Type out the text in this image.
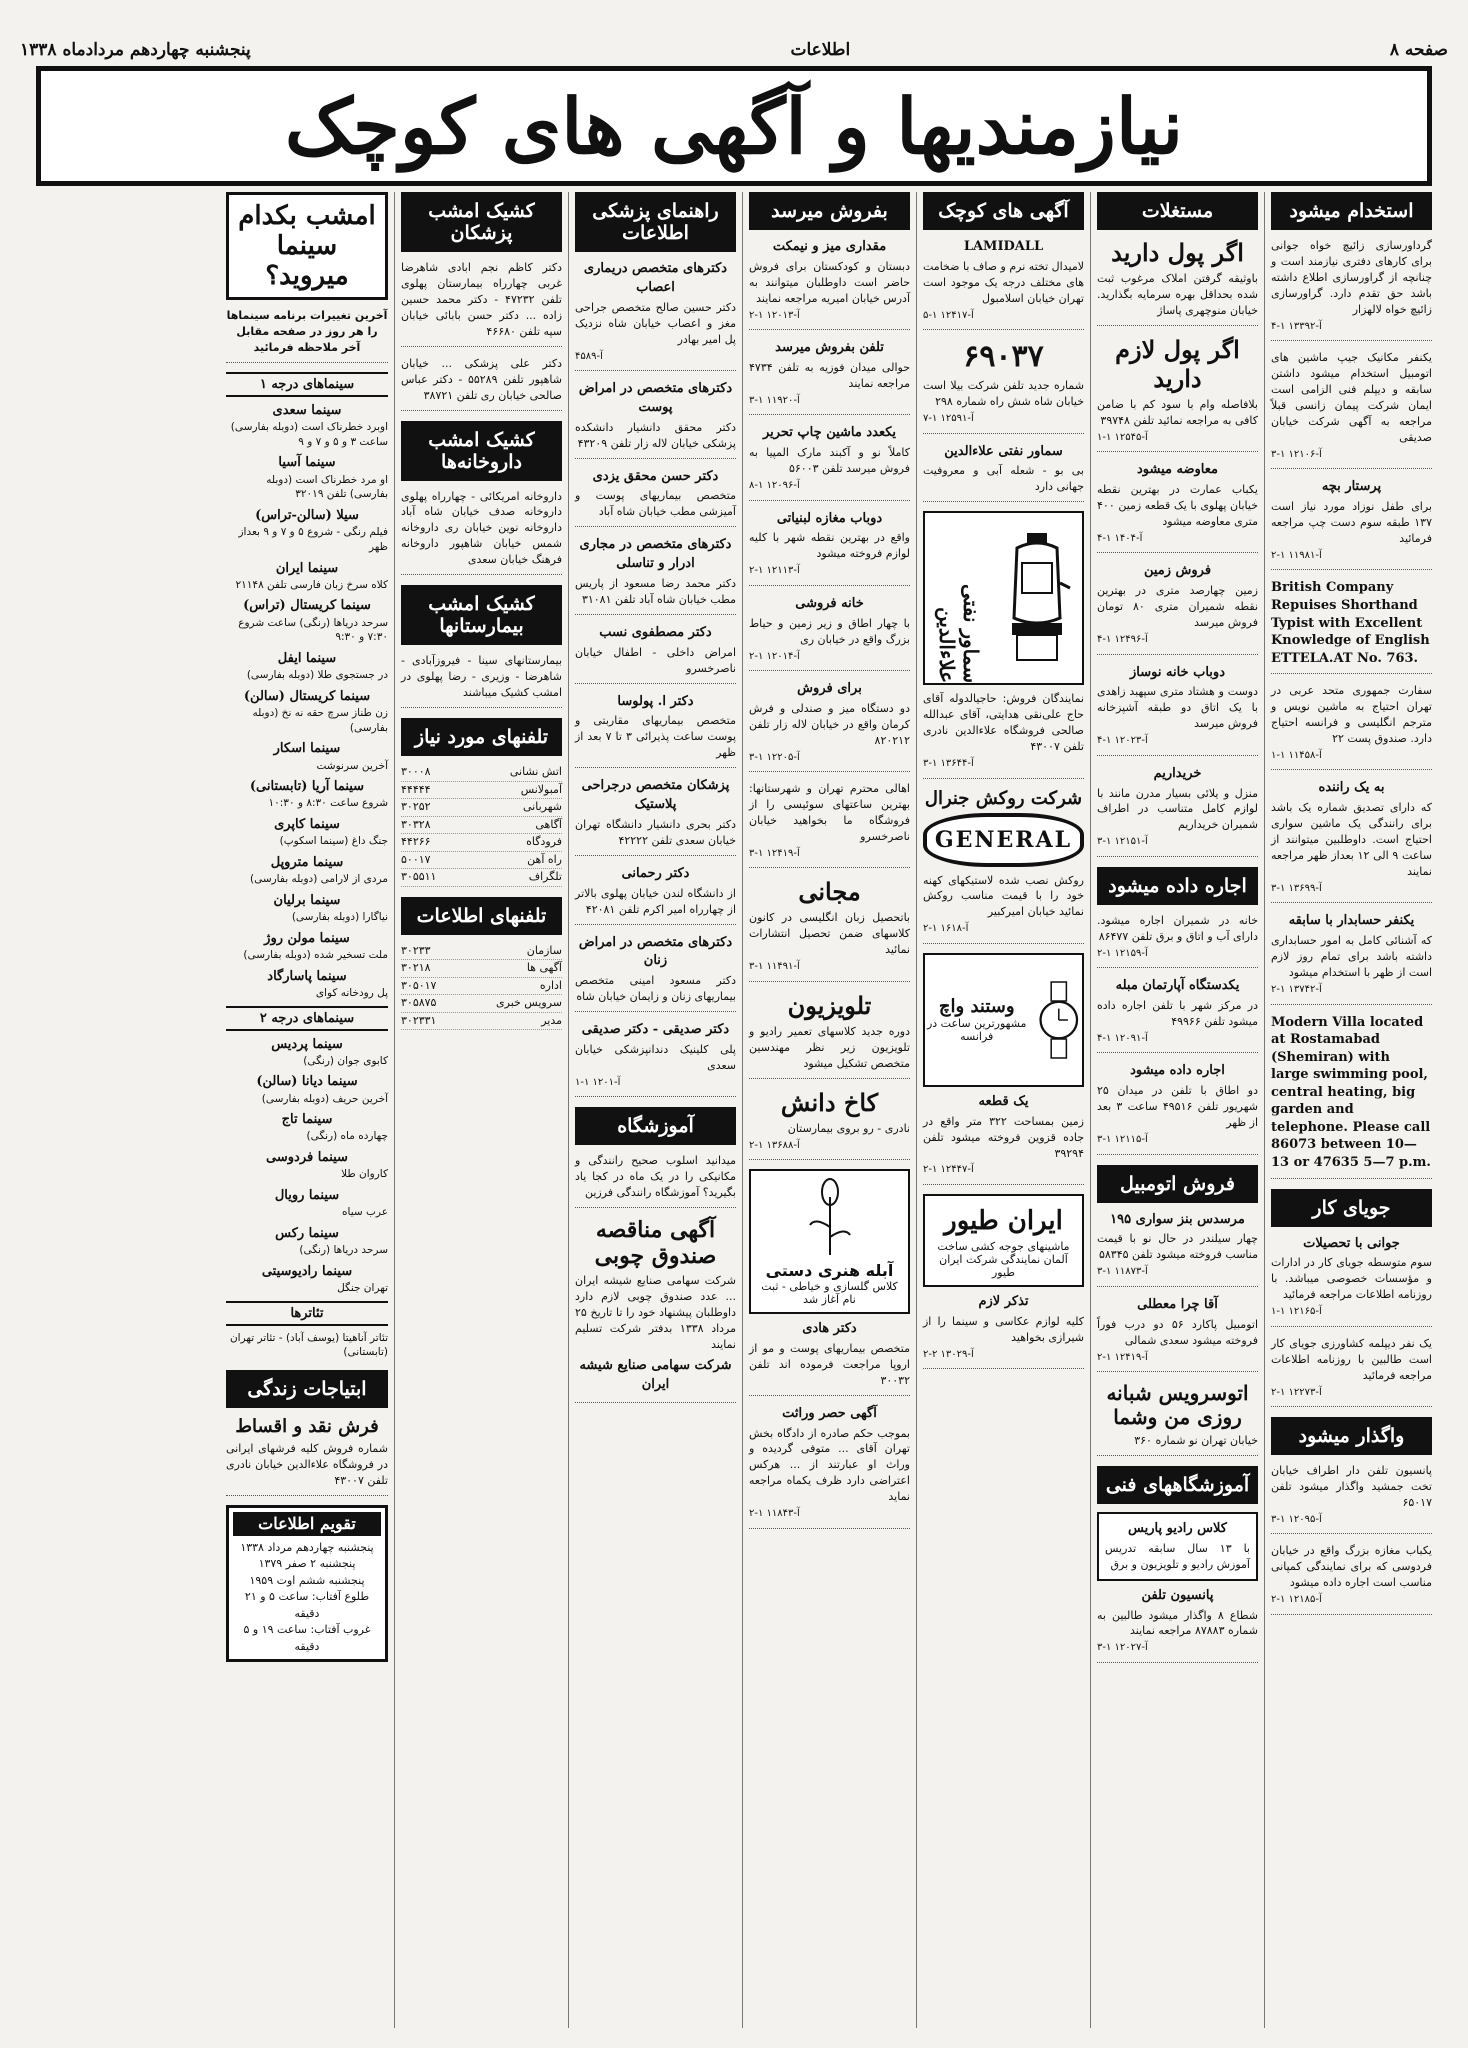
صفحه ۸
اطلاعات
پنجشنبه چهاردهم مردادماه ۱۳۳۸
نیازمندیها و آگهی های کوچک
استخدام میشود
گرداورسازی زائیچ خواه جوانی برای کارهای دفتری نیازمند است و چنانچه از گراورسازی اطلاع داشته باشد حق تقدم دارد. گراورسازی زائیچ خواه لالهزار
آ-۱۳۳۹۲ ۱-۴
یکنفر مکانیک جیپ ماشین های اتومبیل استخدام میشود داشتن سابقه و دیپلم فنی الزامی است ایمان شرکت پیمان زانسی قبلاً مراجعه به آگهی شرکت خیابان صدیقی
آ-۱۲۱۰۶ ۱-۳
پرستار بچه
برای طفل نوزاد مورد نیاز است ۱۳۷ طبقه سوم دست چپ مراجعه فرمائید
آ-۱۱۹۸۱ ۱-۲
British Company Repuises Shorthand Typist with Excellent Knowledge of English ETTELA.AT No. 763.
سفارت جمهوری متحد عربی در تهران احتیاج به ماشین نویس و مترجم انگلیسی و فرانسه احتیاج دارد. صندوق پست ۲۲
آ-۱۱۴۵۸ ۱-۱
به یک راننده
که دارای تصدیق شماره یک باشد برای رانندگی یک ماشین سواری احتیاج است. داوطلبین میتوانند از ساعت ۹ الی ۱۲ بعداز ظهر مراجعه نمایند
آ-۱۳۶۹۹ ۱-۳
یکنفر حسابدار با سابقه
که آشنائی کامل به امور حسابداری داشته باشد برای تمام روز لازم است از ظهر با استخدام میشود
آ-۱۳۷۴۲ ۱-۲
Modern Villa located at Rostamabad (Shemiran) with large swimming pool, central heating, big garden and telephone. Please call 86073 between 10—13 or 47635 5—7 p.m.
جویای کار
جوانی با تحصیلات
سوم متوسطه جویای کار در ادارات و مؤسسات خصوصی میباشد. با روزنامه اطلاعات مراجعه فرمائید
آ-۱۲۱۶۵ ۱-۱
یک نفر دیپلمه کشاورزی جویای کار است طالبین با روزنامه اطلاعات مراجعه فرمائید
آ-۱۲۲۷۳ ۱-۲
واگذار میشود
پانسیون تلفن دار اطراف خیابان تخت جمشید واگذار میشود تلفن ۶۵۰۱۷
آ-۱۲۰۹۵ ۱-۳
یکباب مغازه بزرگ واقع در خیابان فردوسی که برای نمایندگی کمپانی مناسب است اجاره داده میشود
آ-۱۲۱۸۵ ۱-۲
مستغلات
اگر پول دارید
باوثیقه گرفتن املاک مرغوب ثبت شده بحداقل بهره سرمایه بگذارید. خیابان منوچهری پاساژ
اگر پول لازم دارید
بلافاصله وام با سود کم با ضامن کافی به مراجعه نمائید تلفن ۳۹۷۴۸
آ-۱۲۵۴۵ ۱-۱
معاوضه میشود
یکباب عمارت در بهترین نقطه خیابان پهلوی با یک قطعه زمین ۴۰۰ متری معاوضه میشود
آ-۱۴۰۴ ۱-۴
فروش زمین
زمین چهارصد متری در بهترین نقطه شمیران متری ۸۰ تومان فروش میرسد
آ-۱۲۴۹۶ ۱-۴
دوباب خانه نوساز
دوست و هشتاد متری سپهبد زاهدی با یک اتاق دو طبقه آشپزخانه فروش میرسد
آ-۱۲۰۲۳ ۱-۴
خریداریم
منزل و یلائی بسیار مدرن مانند با لوازم کامل متناسب در اطراف شمیران خریداریم
آ-۱۲۱۵۱ ۱-۳
اجاره داده میشود
خانه در شمیران اجاره میشود. دارای آب و اتاق و برق تلفن ۸۶۴۷۷
آ-۱۲۱۵۹ ۱-۲
یکدستگاه آپارتمان مبله
در مرکز شهر با تلفن اجاره داده میشود تلفن ۴۹۹۶۶
آ-۱۲۰۹۱ ۱-۴
اجاره داده میشود
دو اطاق با تلفن در میدان ۲۵ شهریور تلفن ۴۹۵۱۶ ساعت ۳ بعد از ظهر
آ-۱۲۱۱۵ ۱-۳
فروش اتومبیل
مرسدس بنز سواری ۱۹۵
چهار سیلندر در حال نو با قیمت مناسب فروخته میشود تلفن ۵۸۳۴۵
آ-۱۱۸۷۳ ۱-۳
آقا چرا معطلی
اتومبیل پاکارد ۵۶ دو درب فوراً فروخته میشود سعدی شمالی
آ-۱۲۴۱۹ ۱-۲
اتوسرویس شبانه روزی من وشما
خیابان تهران نو شماره ۳۶۰
آموزشگاههای فنی
کلاس رادیو پاریس
با ۱۳ سال سابقه تدریس آموزش رادیو و تلویزیون و برق
پانسیون تلفن
شطاع ۸ واگذار میشود طالبین به شماره ۸۷۸۸۳ مراجعه نمایند
آ-۱۲۰۲۷ ۱-۳
آگهی های کوچک
LAMIDALL
لامیدال تخته نرم و صاف با ضخامت های مختلف درجه یک موجود است تهران خیابان اسلامبول
آ-۱۲۴۱۷ ۱-۵
۶۹۰۳۷
شماره جدید تلفن شرکت بیلا است خیابان شاه شش راه شماره ۲۹۸
آ-۱۲۵۹۱ ۱-۷
سماور نفتی علاءالدین
بی بو - شعله آبی و معروفیت جهانی دارد
سماور نفتی علاءالدین
نمایندگان فروش: حاجیالدوله آقای حاج علی‌نقی هدایتی، آقای عبدالله صالحی فروشگاه علاءالدین نادری تلفن ۴۳۰۰۷
آ-۱۳۶۴۴ ۱-۳
شرکت روکش جنرال
GENERAL
روکش نصب شده لاستیکهای کهنه خود را با قیمت مناسب روکش نمائید خیابان امیرکبیر
آ-۱۶۱۸ ۱-۲
وستند واچ
مشهورترین ساعت در فرانسه
یک قطعه
زمین بمساحت ۳۲۲ متر واقع در جاده قزوین فروخته میشود تلفن ۳۹۲۹۴
آ-۱۲۴۴۷ ۱-۲
ایران طیور
ماشینهای جوجه کشی ساخت آلمان نمایندگی شرکت ایران طیور
تذکر لازم
کلیه لوازم عکاسی و سینما را از شیرازی بخواهید
آ-۱۳۰۲۹ ۲-۲
بفروش میرسد
مقداری میز و نیمکت
دبستان و کودکستان برای فروش حاضر است داوطلبان میتوانند به آدرس خیابان امیریه مراجعه نمایند
آ-۱۲۰۱۳ ۱-۲
تلفن بفروش میرسد
حوالی میدان فوزیه به تلفن ۴۷۳۴ مراجعه نمایند
آ-۱۱۹۲۰ ۱-۳
یکعدد ماشین چاپ تحریر
کاملاً نو و آکبند مارک المپیا به فروش میرسد تلفن ۵۶۰۰۳
آ-۱۲۰۹۶ ۱-۸
دوباب مغازه لبنیاتی
واقع در بهترین نقطه شهر با کلیه لوازم فروخته میشود
آ-۱۲۱۱۳ ۱-۲
خانه فروشی
با چهار اطاق و زیر زمین و حیاط بزرگ واقع در خیابان ری
آ-۱۲۰۱۴ ۱-۲
برای فروش
دو دستگاه میز و صندلی و فرش کرمان واقع در خیابان لاله زار تلفن ۸۲۰۲۱۲
آ-۱۲۲۰۵ ۱-۳
اهالی محترم تهران و شهرستانها: بهترین ساعتهای سوئیسی را از فروشگاه ما بخواهید خیابان ناصرخسرو
آ-۱۲۴۱۹ ۱-۳
مجانی
باتحصیل زبان انگلیسی در کانون کلاسهای ضمن تحصیل انتشارات نمائید
آ-۱۱۴۹۱ ۱-۳
تلویزیون
دوره جدید کلاسهای تعمیر رادیو و تلویزیون زیر نظر مهندسین متخصص تشکیل میشود
کاخ دانش
نادری - رو بروی بیمارستان
آ-۱۳۶۸۸ ۱-۲
آبله هنری دستی
کلاس گلسازی و خیاطی - ثبت نام آغاز شد
دکتر هادی
متخصص بیماریهای پوست و مو از اروپا مراجعت فرموده اند تلفن ۳۰۰۳۲
آگهی حصر وراثت
بموجب حکم صادره از دادگاه بخش تهران آقای ... متوفی گردیده و وراث او عبارتند از ... هرکس اعتراضی دارد ظرف یکماه مراجعه نماید
آ-۱۱۸۴۳ ۱-۲
راهنمای پزشکی اطلاعات
دکترهای متخصص دریماری اعصاب
دکتر حسین صالح متخصص جراحی مغز و اعصاب خیابان شاه نزدیک پل امیر بهادر
آ-۴۵۸۹
دکترهای متخصص در امراض پوست
دکتر محقق دانشیار دانشکده پزشکی خیابان لاله زار تلفن ۴۳۲۰۹
دکتر حسن محقق یزدی
متخصص بیماریهای پوست و آمیزشی مطب خیابان شاه آباد
دکترهای متخصص در مجاری ادرار و تناسلی
دکتر محمد رضا مسعود از پاریس مطب خیابان شاه آباد تلفن ۳۱۰۸۱
دکتر مصطفوی نسب
امراض داخلی - اطفال خیابان ناصرخسرو
دکتر ا. پولوسا
متخصص بیماریهای مقاربتی و پوست ساعت پذیرائی ۳ تا ۷ بعد از ظهر
پزشکان متخصص درجراحی پلاستیک
دکتر بحری دانشیار دانشگاه تهران خیابان سعدی تلفن ۴۲۲۲۲
دکتر رحمانی
از دانشگاه لندن خیابان پهلوی بالاتر از چهارراه امیر اکرم تلفن ۴۲۰۸۱
دکترهای متخصص در امراض زنان
دکتر مسعود امینی متخصص بیماریهای زنان و زایمان خیابان شاه
دکتر صدیقی - دکتر صدیقی
پلی کلینیک دندانپزشکی خیابان سعدی
آ-۱۲۰۱ ۱-۱
آموزشگاه
میدانید اسلوب صحیح رانندگی و مکانیکی را در یک ماه در کجا یاد بگیرید؟ آموزشگاه رانندگی فرزین
آگهی مناقصه صندوق چوبی
شرکت سهامی صنایع شیشه ایران ... عدد صندوق چوبی لازم دارد داوطلبان پیشنهاد خود را تا تاریخ ۲۵ مرداد ۱۳۳۸ بدفتر شرکت تسلیم نمایند
شرکت سهامی صنایع شیشه ایران
کشیک امشب پزشکان
دکتر کاظم نجم ابادی شاهرضا غربی چهارراه بیمارستان پهلوی تلفن ۴۷۲۳۲ - دکتر محمد حسین زاده ... دکتر حسن بابائی خیابان سپه تلفن ۴۶۶۸۰
دکتر علی پزشکی ... خیابان شاهپور تلفن ۵۵۲۸۹ - دکتر عباس صالحی خیابان ری تلفن ۳۸۷۲۱
کشیک امشب داروخانه‌ها
داروخانه امریکائی - چهارراه پهلوی داروخانه صدف خیابان شاه آباد داروخانه نوین خیابان ری داروخانه شمس خیابان شاهپور داروخانه فرهنگ خیابان سعدی
کشیک امشب بیمارستانها
بیمارستانهای سینا - فیروزآبادی - شاهرضا - وزیری - رضا پهلوی در امشب کشیک میباشند
تلفنهای مورد نیاز
اتش نشانی
۳۰۰۰۸
آمبولانس
۴۴۴۴۴
شهربانی
۳۰۲۵۲
آگاهی
۳۰۳۲۸
فرودگاه
۴۴۲۶۶
راه آهن
۵۰۰۱۷
تلگراف
۳۰۵۵۱۱
تلفنهای اطلاعات
سازمان
۳۰۲۳۳
آگهی ها
۳۰۲۱۸
اداره
۳۰۵۰۱۷
سرویس خبری
۳۰۵۸۷۵
مدیر
۳۰۲۳۳۱
امشب بکدام سینما میروید؟
آخرین تغییرات برنامه سینماها را هر روز در صفحه مقابل آخر ملاحظه فرمائید
سینماهای درجه ۱
سینما سعدی
اوبرد خطرناک است (دوبله بفارسی) ساعت ۳ و ۵ و ۷ و ۹
سینما آسیا
او مرد خطرناک است (دوبله بفارسی) تلفن ۳۲۰۱۹
سیلا (سالن-تراس)
فیلم رنگی - شروع ۵ و ۷ و ۹ بعداز ظهر
سینما ایران
کلاه سرخ زبان فارسی تلفن ۲۱۱۴۸
سینما کریستال (تراس)
سرحد دریاها (رنگی) ساعت شروع ۷:۳۰ و ۹:۳۰
سینما ایفل
در جستجوی طلا (دوبله بفارسی)
سینما کریستال (سالن)
زن طناز سرچ حقه نه نخ (دوبله بفارسی)
سینما اسکار
آخرین سرنوشت
سینما آریا (تابستانی)
شروع ساعت ۸:۳۰ و ۱۰:۳۰
سینما کاپری
جنگ داغ (سینما اسکوپ)
سینما متروپل
مردی از لارامی (دوبله بفارسی)
سینما برلیان
نیاگارا (دوبله بفارسی)
سینما مولن روژ
ملت تسخیر شده (دوبله بفارسی)
سینما پاسارگاد
پل رودخانه کوای
سینماهای درجه ۲
سینما پردیس
کابوی جوان (رنگی)
سینما دیانا (سالن)
آخرین حریف (دوبله بفارسی)
سینما تاج
چهارده ماه (رنگی)
سینما فردوسی
کاروان طلا
سینما رویال
عرب سیاه
سینما رکس
سرحد دریاها (رنگی)
سینما رادیوسیتی
تهران جنگل
تئاترها
تئاتر آناهیتا (یوسف آباد) - تئاتر تهران (تابستانی)
ابتیاجات زندگی
فرش نقد و اقساط
شماره فروش کلیه فرشهای ایرانی در فروشگاه علاءالدین خیابان نادری تلفن ۴۳۰۰۷
تقویم اطلاعات
پنجشنبه چهاردهم مرداد ۱۳۳۸
پنجشنبه ۲ صفر ۱۳۷۹
پنجشنبه ششم اوت ۱۹۵۹
طلوع آفتاب: ساعت ۵ و ۲۱ دقیقه
غروب آفتاب: ساعت ۱۹ و ۵ دقیقه
